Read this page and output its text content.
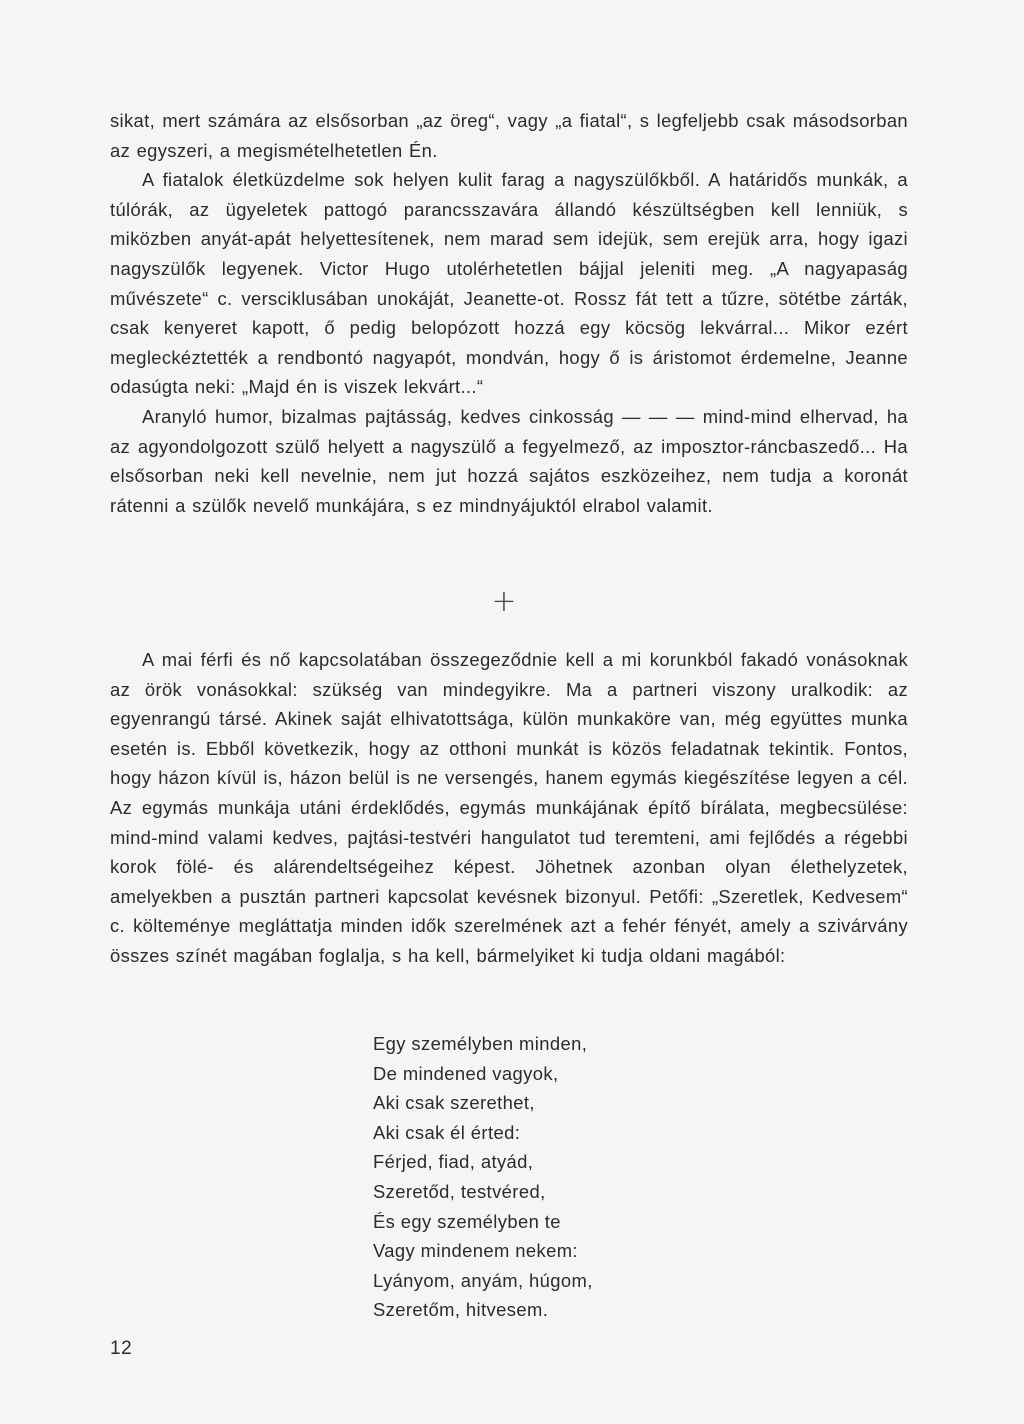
sikat, mert számára az elsősorban „az öreg“, vagy „a fiatal“, s legfeljebb csak másodsorban az egyszeri, a megismételhetetlen Én.

A fiatalok életküzdelme sok helyen kulit farag a nagyszülőkből. A határidős munkák, a túlórák, az ügyeletek pattogó parancsszavára állandó készültségben kell lenniük, s miközben anyát-apát helyettesítenek, nem marad sem idejük, sem erejük arra, hogy igazi nagyszülők legyenek. Victor Hugo utolérhetetlen bájjal jeleniti meg. „A nagyapaság művészete“ c. versciklusában unokáját, Jeanette-ot. Rossz fát tett a tűzre, sötétbe zárták, csak kenyeret kapott, ő pedig belopózott hozzá egy köcsög lekvárral... Mikor ezért megleckéztették a rendbontó nagyapót, mondván, hogy ő is áristomot érdemelne, Jeanne odasúgta neki: „Majd én is viszek lekvárt...“

Aranyló humor, bizalmas pajtásság, kedves cinkosság — — — mind-mind elhervad, ha az agyondolgozott szülő helyett a nagyszülő a fegyelmező, az imposztor-ráncbaszedő... Ha elsősorban neki kell nevelnie, nem jut hozzá sajátos eszközeihez, nem tudja a koronát rátenni a szülők nevelő munkájára, s ez mindnyájuktól elrabol valamit.

+

A mai férfi és nő kapcsolatában összegeződnie kell a mi korunkból fakadó vonásoknak az örök vonásokkal: szükség van mindegyikre. Ma a partneri viszony uralkodik: az egyenrangú társé. Akinek saját elhivatottsága, külön munkaköre van, még együttes munka esetén is. Ebből következik, hogy az otthoni munkát is közös feladatnak tekintik. Fontos, hogy házon kívül is, házon belül is ne versengés, hanem egymás kiegészítése legyen a cél. Az egymás munkája utáni érdeklődés, egymás munkájának építő bírálata, megbecsülése: mind-mind valami kedves, pajtási-testvéri hangulatot tud teremteni, ami fejlődés a régebbi korok fölé- és alárendeltségeihez képest. Jöhetnek azonban olyan élethelyzetek, amelyekben a pusztán partneri kapcsolat kevésnek bizonyul. Petőfi: „Szeretlek, Kedvesem“ c. költeménye megláttatja minden idők szerelmének azt a fehér fényét, amely a szivárvány összes színét magában foglalja, s ha kell, bármelyiket ki tudja oldani magából:

Egy személyben minden,
De mindened vagyok,
Aki csak szerethet,
Aki csak él érted:
Férjed, fiad, atyád,
Szeretőd, testvéred,
És egy személyben te
Vagy mindenem nekem:
Lyányom, anyám, húgom,
Szeretőm, hitvesem.
12
